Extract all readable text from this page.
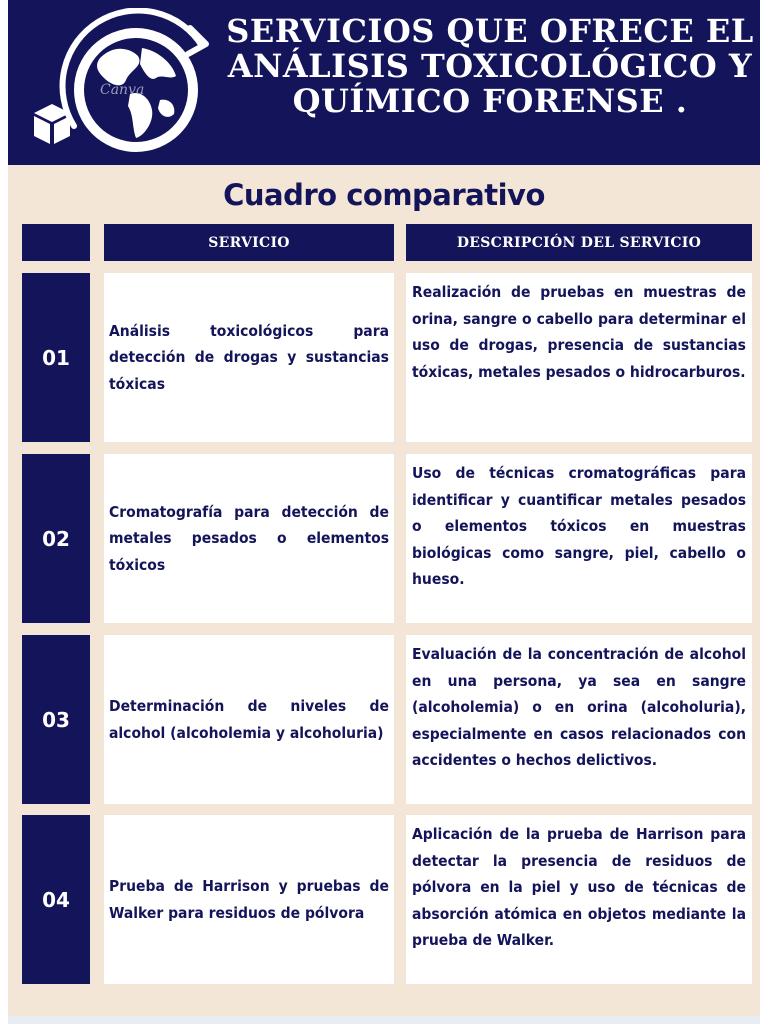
Canva
SERVICIOS QUE OFRECE EL ANÁLISIS TOXICOLÓGICO Y QUÍMICO FORENSE .
Cuadro comparativo
SERVICIO	DESCRIPCIÓN DEL SERVICIO
01

Análisis toxicológicos para detección de drogas y sustancias tóxicas

Realización de pruebas en muestras de orina, sangre o cabello para determinar el uso de drogas, presencia de sustancias tóxicas, metales pesados o hidrocarburos.

02

Cromatografía para detección de metales pesados o elementos tóxicos

Uso de técnicas cromatográficas para identificar y cuantificar metales pesados o elementos tóxicos en muestras biológicas como sangre, piel, cabello o hueso.

03

Determinación de niveles de alcohol (alcoholemia y alcoholuria)

Evaluación de la concentración de alcohol en una persona, ya sea en sangre (alcoholemia) o en orina (alcoholuria), especialmente en casos relacionados con accidentes o hechos delictivos.

04

Prueba de Harrison y pruebas de Walker para residuos de pólvora

Aplicación de la prueba de Harrison para detectar la presencia de residuos de pólvora en la piel y uso de técnicas de absorción atómica en objetos mediante la prueba de Walker.
